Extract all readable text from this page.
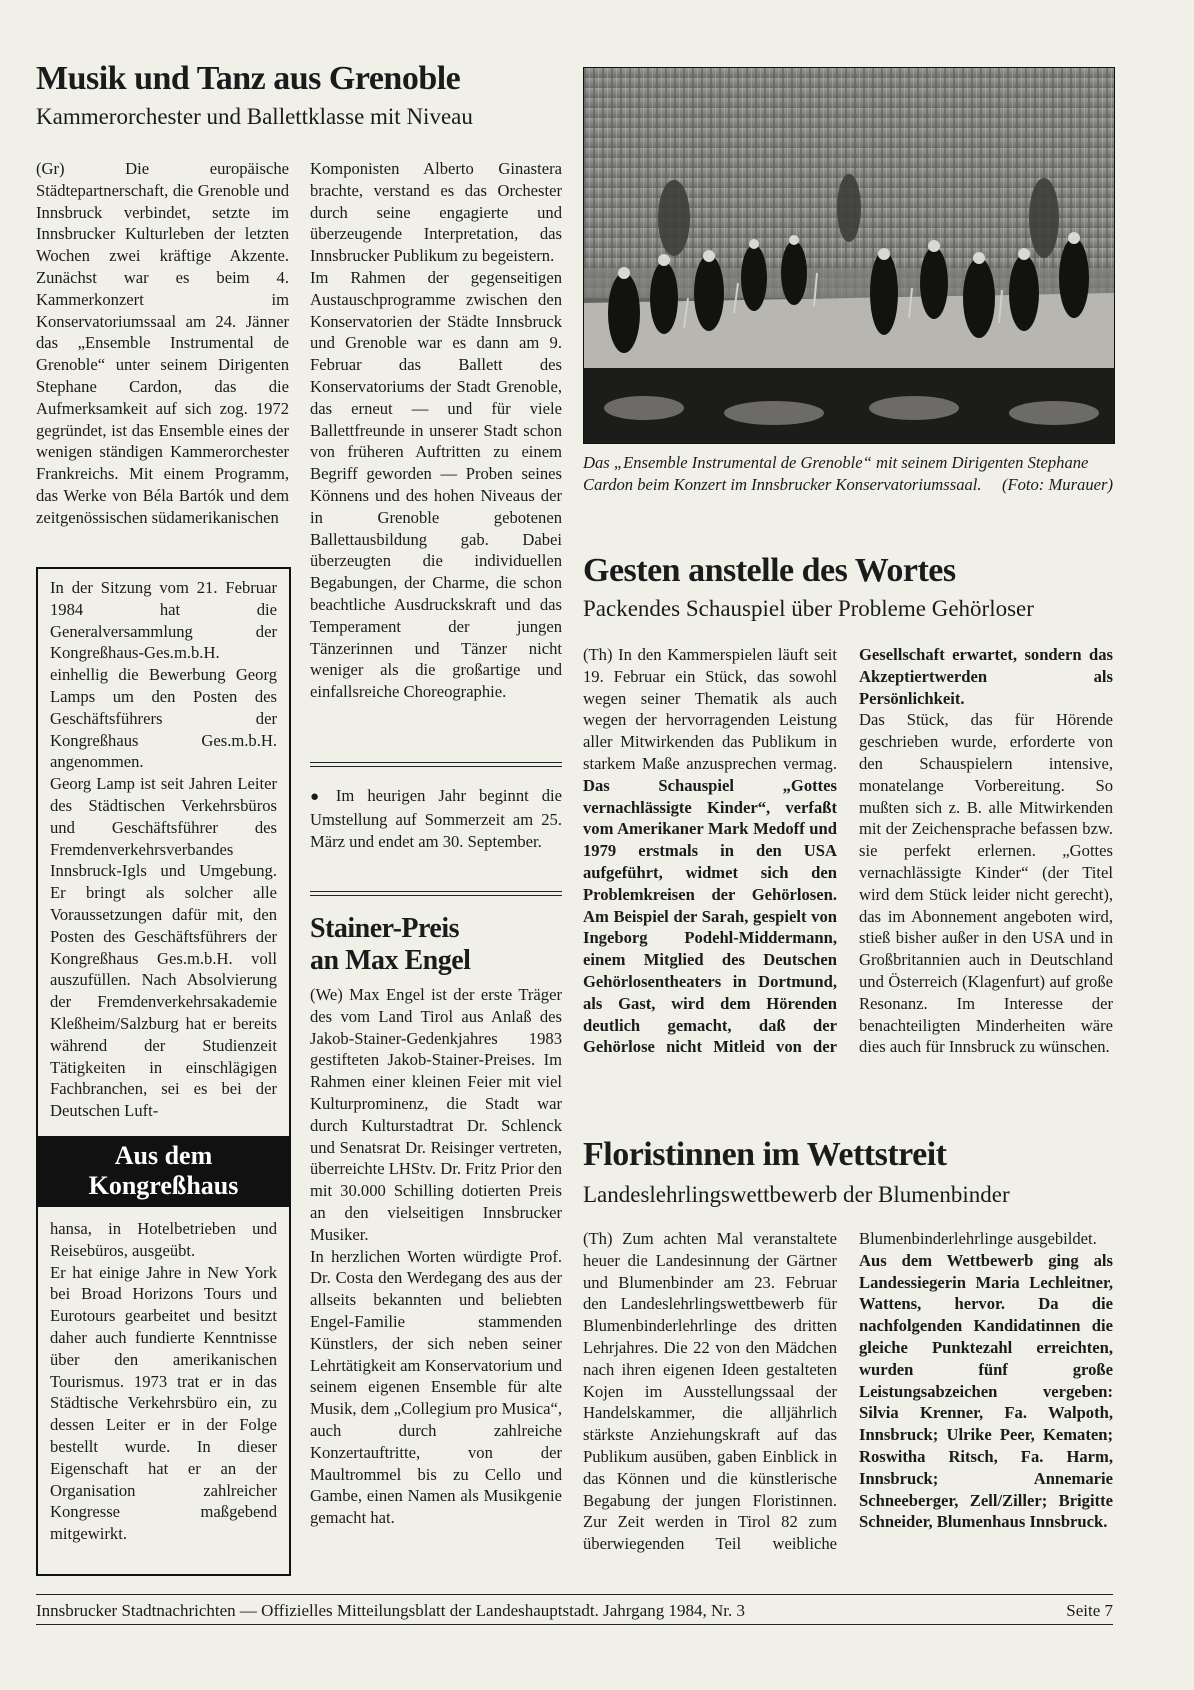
Musik und Tanz aus Grenoble
Kammerorchester und Ballettklasse mit Niveau

(Gr) Die europäische Städtepartnerschaft, die Grenoble und Innsbruck verbindet, setzte im Innsbrucker Kulturleben der letzten Wochen zwei kräftige Akzente. Zunächst war es beim 4. Kammerkonzert im Konservatoriumssaal am 24. Jänner das „Ensemble Instrumental de Grenoble“ unter seinem Dirigenten Stephane Cardon, das die Aufmerksamkeit auf sich zog. 1972 gegründet, ist das Ensemble eines der wenigen ständigen Kammerorchester Frankreichs. Mit einem Programm, das Werke von Béla Bartók und dem zeitgenössischen südamerikanischen

Komponisten Alberto Ginastera brachte, verstand es das Orchester durch seine engagierte und überzeugende Interpretation, das Innsbrucker Publikum zu begeistern.

Im Rahmen der gegenseitigen Austauschprogramme zwischen den Konservatorien der Städte Innsbruck und Grenoble war es dann am 9. Februar das Ballett des Konservatoriums der Stadt Grenoble, das erneut — und für viele Ballettfreunde in unserer Stadt schon von früheren Auftritten zu einem Begriff geworden — Proben seines Könnens und des hohen Niveaus der in Grenoble gebotenen Ballettausbildung gab. Dabei überzeugten die individuellen Begabungen, der Charme, die schon beachtliche Ausdruckskraft und das Temperament der jungen Tänzerinnen und Tänzer nicht weniger als die großartige und einfallsreiche Choreographie.

Das „Ensemble Instrumental de Grenoble“ mit seinem Dirigenten Stephane Cardon beim Konzert im Innsbrucker Konservatoriumssaal.	(Foto: Murauer)

In der Sitzung vom 21. Februar 1984 hat die Generalversammlung der Kongreßhaus-Ges.m.b.H. einhellig die Bewerbung Georg Lamps um den Posten des Geschäftsführers der Kongreßhaus Ges.m.b.H. angenommen.

Georg Lamp ist seit Jahren Leiter des Städtischen Verkehrsbüros und Geschäftsführer des Fremdenverkehrsverbandes Innsbruck-Igls und Umgebung. Er bringt als solcher alle Voraussetzungen dafür mit, den Posten des Geschäftsführers der Kongreßhaus Ges.m.b.H. voll auszufüllen. Nach Absolvierung der Fremdenverkehrsakademie Kleßheim/Salzburg hat er bereits während der Studienzeit Tätigkeiten in einschlägigen Fachbranchen, sei es bei der Deutschen Luft-

Aus dem
Kongreßhaus

hansa, in Hotelbetrieben und Reisebüros, ausgeübt.

Er hat einige Jahre in New York bei Broad Horizons Tours und Eurotours gearbeitet und besitzt daher auch fundierte Kenntnisse über den amerikanischen Tourismus. 1973 trat er in das Städtische Verkehrsbüro ein, zu dessen Leiter er in der Folge bestellt wurde. In dieser Eigenschaft hat er an der Organisation zahlreicher Kongresse maßgebend mitgewirkt.

● Im heurigen Jahr beginnt die Umstellung auf Sommerzeit am 25. März und endet am 30. September.

Stainer-Preis
an Max Engel

(We) Max Engel ist der erste Träger des vom Land Tirol aus Anlaß des Jakob-Stainer-Gedenkjahres 1983 gestifteten Jakob-Stainer-Preises. Im Rahmen einer kleinen Feier mit viel Kulturprominenz, die Stadt war durch Kulturstadtrat Dr. Schlenck und Senatsrat Dr. Reisinger vertreten, überreichte LHStv. Dr. Fritz Prior den mit 30.000 Schilling dotierten Preis an den vielseitigen Innsbrucker Musiker.

In herzlichen Worten würdigte Prof. Dr. Costa den Werdegang des aus der allseits bekannten und beliebten Engel-Familie stammenden Künstlers, der sich neben seiner Lehrtätigkeit am Konservatorium und seinem eigenen Ensemble für alte Musik, dem „Collegium pro Musica“, auch durch zahlreiche Konzertauftritte, von der Maultrommel bis zu Cello und Gambe, einen Namen als Musikgenie gemacht hat.

Gesten anstelle des Wortes
Packendes Schauspiel über Probleme Gehörloser
(Th) In den Kammerspielen läuft seit 19. Februar ein Stück, das sowohl wegen seiner Thematik als auch wegen der hervorragenden Leistung aller Mitwirkenden das Publikum in starkem Maße anzusprechen vermag. Das Schauspiel „Gottes vernachlässigte Kinder“, verfaßt vom Amerikaner Mark Medoff und 1979 erstmals in den USA aufgeführt, widmet sich den Problemkreisen der Gehörlosen. Am Beispiel der Sarah, gespielt von Ingeborg Podehl-Middermann, einem Mitglied des Deutschen Gehörlosentheaters in Dortmund, als Gast, wird dem Hörenden deutlich gemacht, daß der Gehörlose nicht Mitleid von der Gesellschaft erwartet, sondern das Akzeptiertwerden als Persönlichkeit.
Das Stück, das für Hörende geschrieben wurde, erforderte von den Schauspielern intensive, monatelange Vorbereitung. So mußten sich z. B. alle Mitwirkenden mit der Zeichensprache befassen bzw. sie perfekt erlernen. „Gottes vernachlässigte Kinder“ (der Titel wird dem Stück leider nicht gerecht), das im Abonnement angeboten wird, stieß bisher außer in den USA und in Großbritannien auch in Deutschland und Österreich (Klagenfurt) auf große Resonanz. Im Interesse der benachteiligten Minderheiten wäre dies auch für Innsbruck zu wünschen.
Floristinnen im Wettstreit
Landeslehrlingswettbewerb der Blumenbinder
(Th) Zum achten Mal veranstaltete heuer die Landesinnung der Gärtner und Blumenbinder am 23. Februar den Landeslehrlingswettbewerb für Blumenbinderlehrlinge des dritten Lehrjahres. Die 22 von den Mädchen nach ihren eigenen Ideen gestalteten Kojen im Ausstellungssaal der Handelskammer, die alljährlich stärkste Anziehungskraft auf das Publikum ausüben, gaben Einblick in das Können und die künstlerische Begabung der jungen Floristinnen. Zur Zeit werden in Tirol 82 zum überwiegenden Teil weibliche Blumenbinderlehrlinge ausgebildet.
Aus dem Wettbewerb ging als Landessiegerin Maria Lechleitner, Wattens, hervor. Da die nachfolgenden Kandidatinnen die gleiche Punktezahl erreichten, wurden fünf große Leistungsabzeichen vergeben: Silvia Krenner, Fa. Walpoth, Innsbruck; Ulrike Peer, Kematen; Roswitha Ritsch, Fa. Harm, Innsbruck; Annemarie Schneeberger, Zell/Ziller; Brigitte Schneider, Blumenhaus Innsbruck.
Innsbrucker Stadtnachrichten — Offizielles Mitteilungsblatt der Landeshauptstadt. Jahrgang 1984, Nr. 3	Seite 7
